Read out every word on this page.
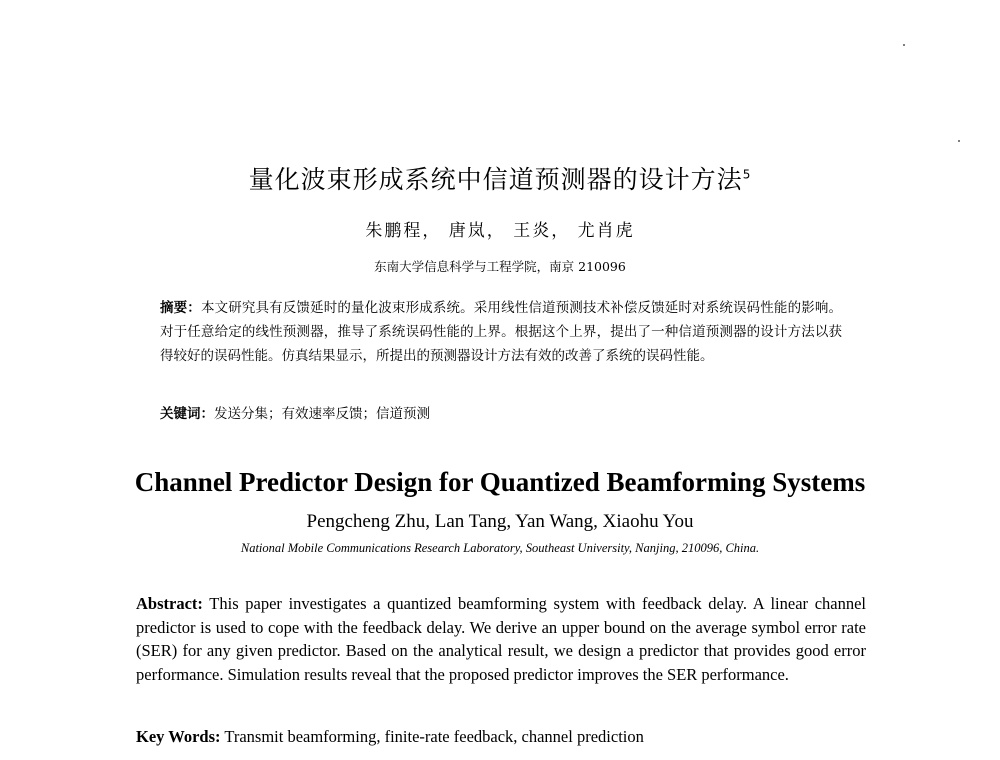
量化波束形成系统中信道预测器的设计方法$^5$
朱鹏程， 唐岚， 王炎， 尤肖虎
东南大学信息科学与工程学院，南京 210096
摘要：本文研究具有反馈延时的量化波束形成系统。采用线性信道预测技术补偿反馈延时对系统误码性能的影响。对于任意给定的线性预测器，推导了系统误码性能的上界。根据这个上界，提出了一种信道预测器的设计方法以获得较好的误码性能。仿真结果显示，所提出的预测器设计方法有效的改善了系统的误码性能。
关键词：发送分集；有效速率反馈；信道预测
Channel Predictor Design for Quantized Beamforming Systems
Pengcheng Zhu, Lan Tang, Yan Wang, Xiaohu You
National Mobile Communications Research Laboratory, Southeast University, Nanjing, 210096, China.
Abstract: This paper investigates a quantized beamforming system with feedback delay. A linear channel predictor is used to cope with the feedback delay. We derive an upper bound on the average symbol error rate (SER) for any given predictor. Based on the analytical result, we design a predictor that provides good error performance. Simulation results reveal that the proposed predictor improves the SER performance.
Key Words: Transmit beamforming, finite-rate feedback, channel prediction
